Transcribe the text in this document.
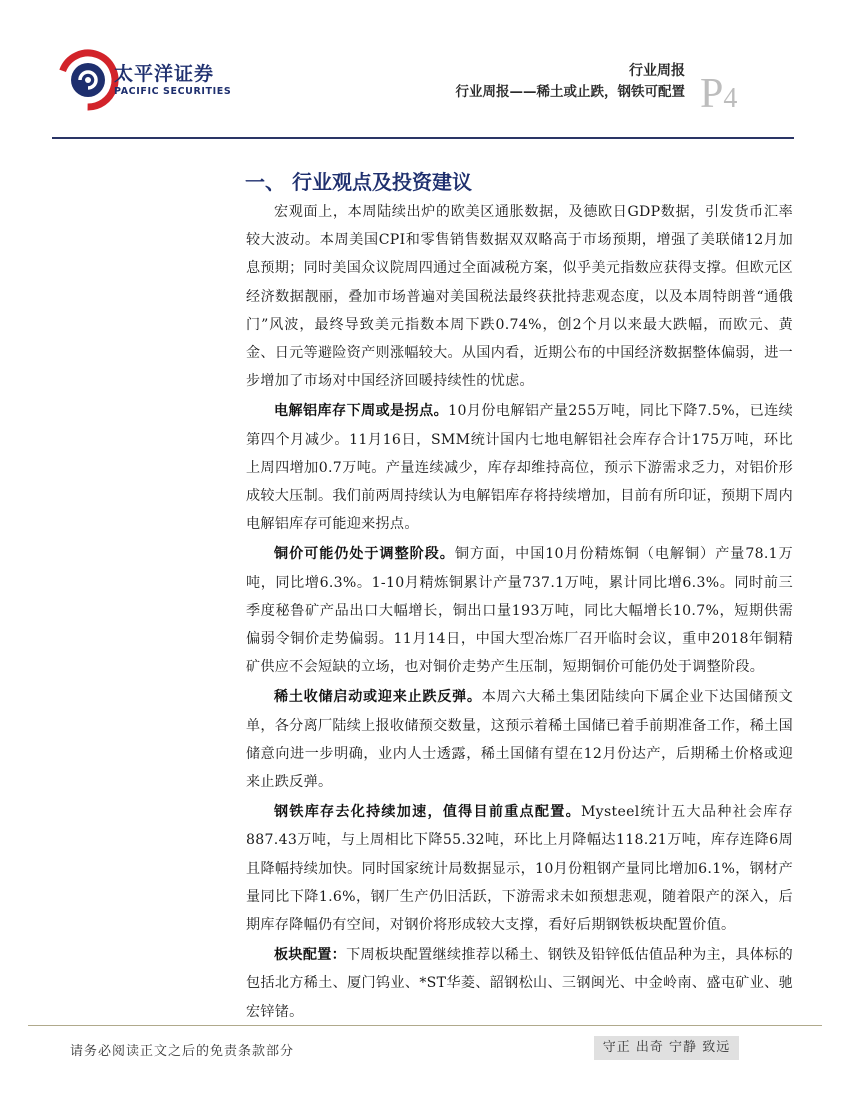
太平洋证券
PACIFIC SECURITIES
行业周报
行业周报——稀土或止跌，钢铁可配置 P4
一、 行业观点及投资建议

宏观面上，本周陆续出炉的欧美区通胀数据，及德欧日GDP数据，引发货币汇率较大波动。本周美国CPI和零售销售数据双双略高于市场预期，增强了美联储12月加息预期；同时美国众议院周四通过全面减税方案，似乎美元指数应获得支撑。但欧元区经济数据靓丽，叠加市场普遍对美国税法最终获批持悲观态度，以及本周特朗普“通俄门”风波，最终导致美元指数本周下跌0.74%，创2个月以来最大跌幅，而欧元、黄金、日元等避险资产则涨幅较大。从国内看，近期公布的中国经济数据整体偏弱，进一步增加了市场对中国经济回暖持续性的忧虑。

电解铝库存下周或是拐点。10月份电解铝产量255万吨，同比下降7.5%，已连续第四个月减少。11月16日，SMM统计国内七地电解铝社会库存合计175万吨，环比上周四增加0.7万吨。产量连续减少，库存却维持高位，预示下游需求乏力，对铝价形成较大压制。我们前两周持续认为电解铝库存将持续增加，目前有所印证，预期下周内电解铝库存可能迎来拐点。

铜价可能仍处于调整阶段。铜方面，中国10月份精炼铜（电解铜）产量78.1万吨，同比增6.3%。1-10月精炼铜累计产量737.1万吨，累计同比增6.3%。同时前三季度秘鲁矿产品出口大幅增长，铜出口量193万吨，同比大幅增长10.7%，短期供需偏弱令铜价走势偏弱。11月14日，中国大型冶炼厂召开临时会议，重申2018年铜精矿供应不会短缺的立场，也对铜价走势产生压制，短期铜价可能仍处于调整阶段。

稀土收储启动或迎来止跌反弹。本周六大稀土集团陆续向下属企业下达国储预文单，各分离厂陆续上报收储预交数量，这预示着稀土国储已着手前期准备工作，稀土国储意向进一步明确，业内人士透露，稀土国储有望在12月份达产，后期稀土价格或迎来止跌反弹。

钢铁库存去化持续加速，值得目前重点配置。Mysteel统计五大品种社会库存887.43万吨，与上周相比下降55.32吨，环比上月降幅达118.21万吨，库存连降6周且降幅持续加快。同时国家统计局数据显示，10月份粗钢产量同比增加6.1%，钢材产量同比下降1.6%，钢厂生产仍旧活跃，下游需求未如预想悲观，随着限产的深入，后期库存降幅仍有空间，对钢价将形成较大支撑，看好后期钢铁板块配置价值。

板块配置：下周板块配置继续推荐以稀土、钢铁及铅锌低估值品种为主，具体标的包括北方稀土、厦门钨业、*ST华菱、韶钢松山、三钢闽光、中金岭南、盛屯矿业、驰宏锌锗。

请务必阅读正文之后的免责条款部分	守正 出奇 宁静 致远
